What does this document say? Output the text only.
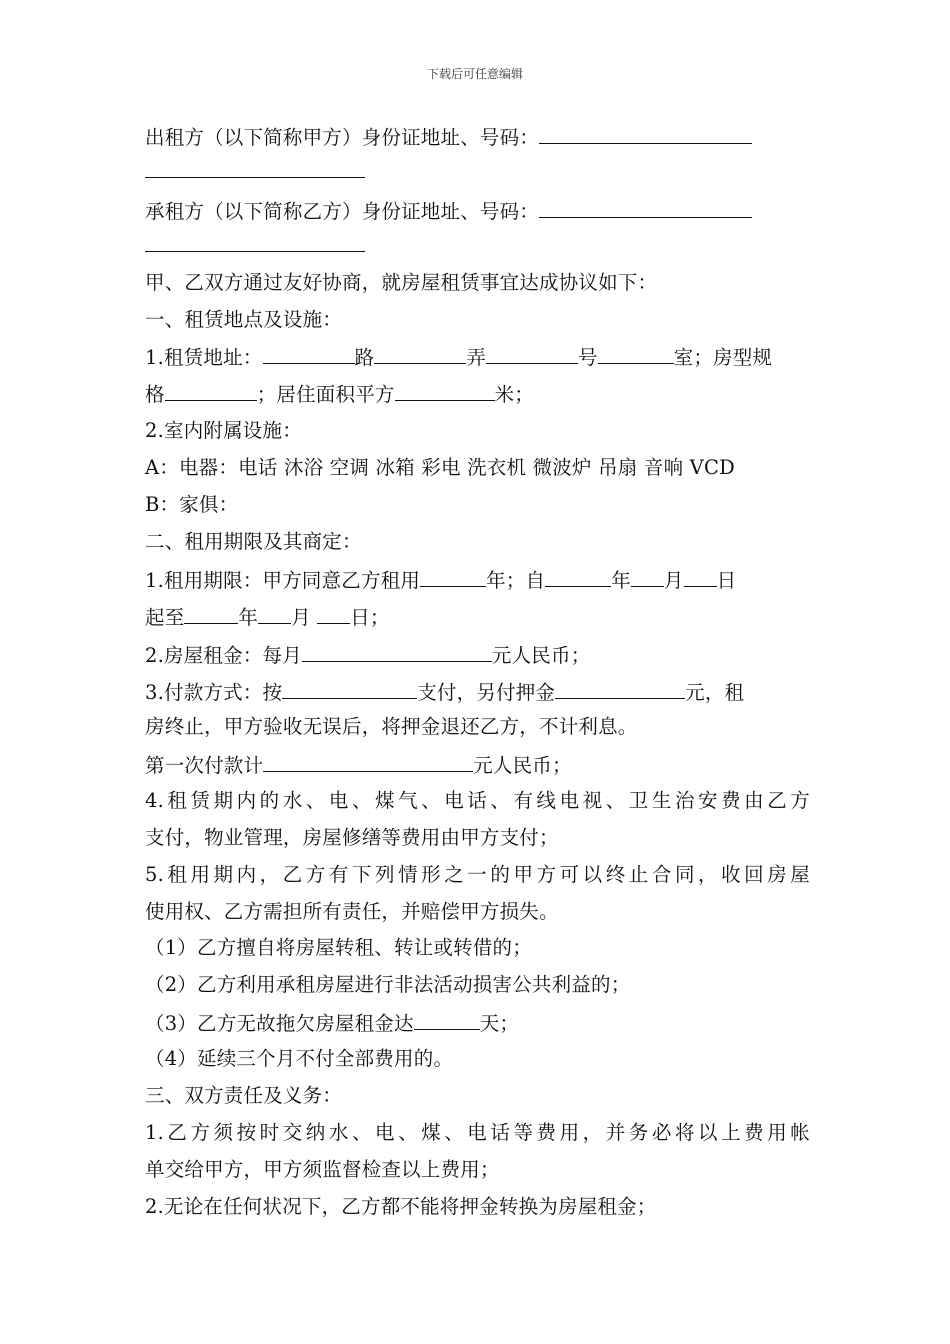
下载后可任意编辑
出租方（以下简称甲方）身份证地址、号码：
承租方（以下简称乙方）身份证地址、号码：
甲、乙双方通过友好协商，就房屋租赁事宜达成协议如下：
一、租赁地点及设施：
1.租赁地址：	路	弄	号	室；房型规
格	；居住面积平方	米；
2.室内附属设施：
A：电器：电话 沐浴 空调 冰箱 彩电 洗衣机 微波炉 吊扇 音响 VCD
B：家俱：
二、租用期限及其商定：
1.租用期限：甲方同意乙方租用	年；自	年 月 日
起至	年 月 日；
2.房屋租金：每月	元人民币；
3.付款方式：按	支付，另付押金	元，租
房终止，甲方验收无误后，将押金退还乙方，不计利息。
第一次付款计	元人民币；
4.租赁期内的水、电、煤气、电话、有线电视、卫生治安费由乙方
支付，物业管理，房屋修缮等费用由甲方支付；
5.租用期内，乙方有下列情形之一的甲方可以终止合同，收回房屋
使用权、乙方需担所有责任，并赔偿甲方损失。
（1）乙方擅自将房屋转租、转让或转借的；
（2）乙方利用承租房屋进行非法活动损害公共利益的；
（3）乙方无故拖欠房屋租金达	天；
（4）延续三个月不付全部费用的。
三、双方责任及义务：
1.乙方须按时交纳水、电、煤、电话等费用，并务必将以上费用帐
单交给甲方，甲方须监督检查以上费用；
2.无论在任何状况下，乙方都不能将押金转换为房屋租金；
